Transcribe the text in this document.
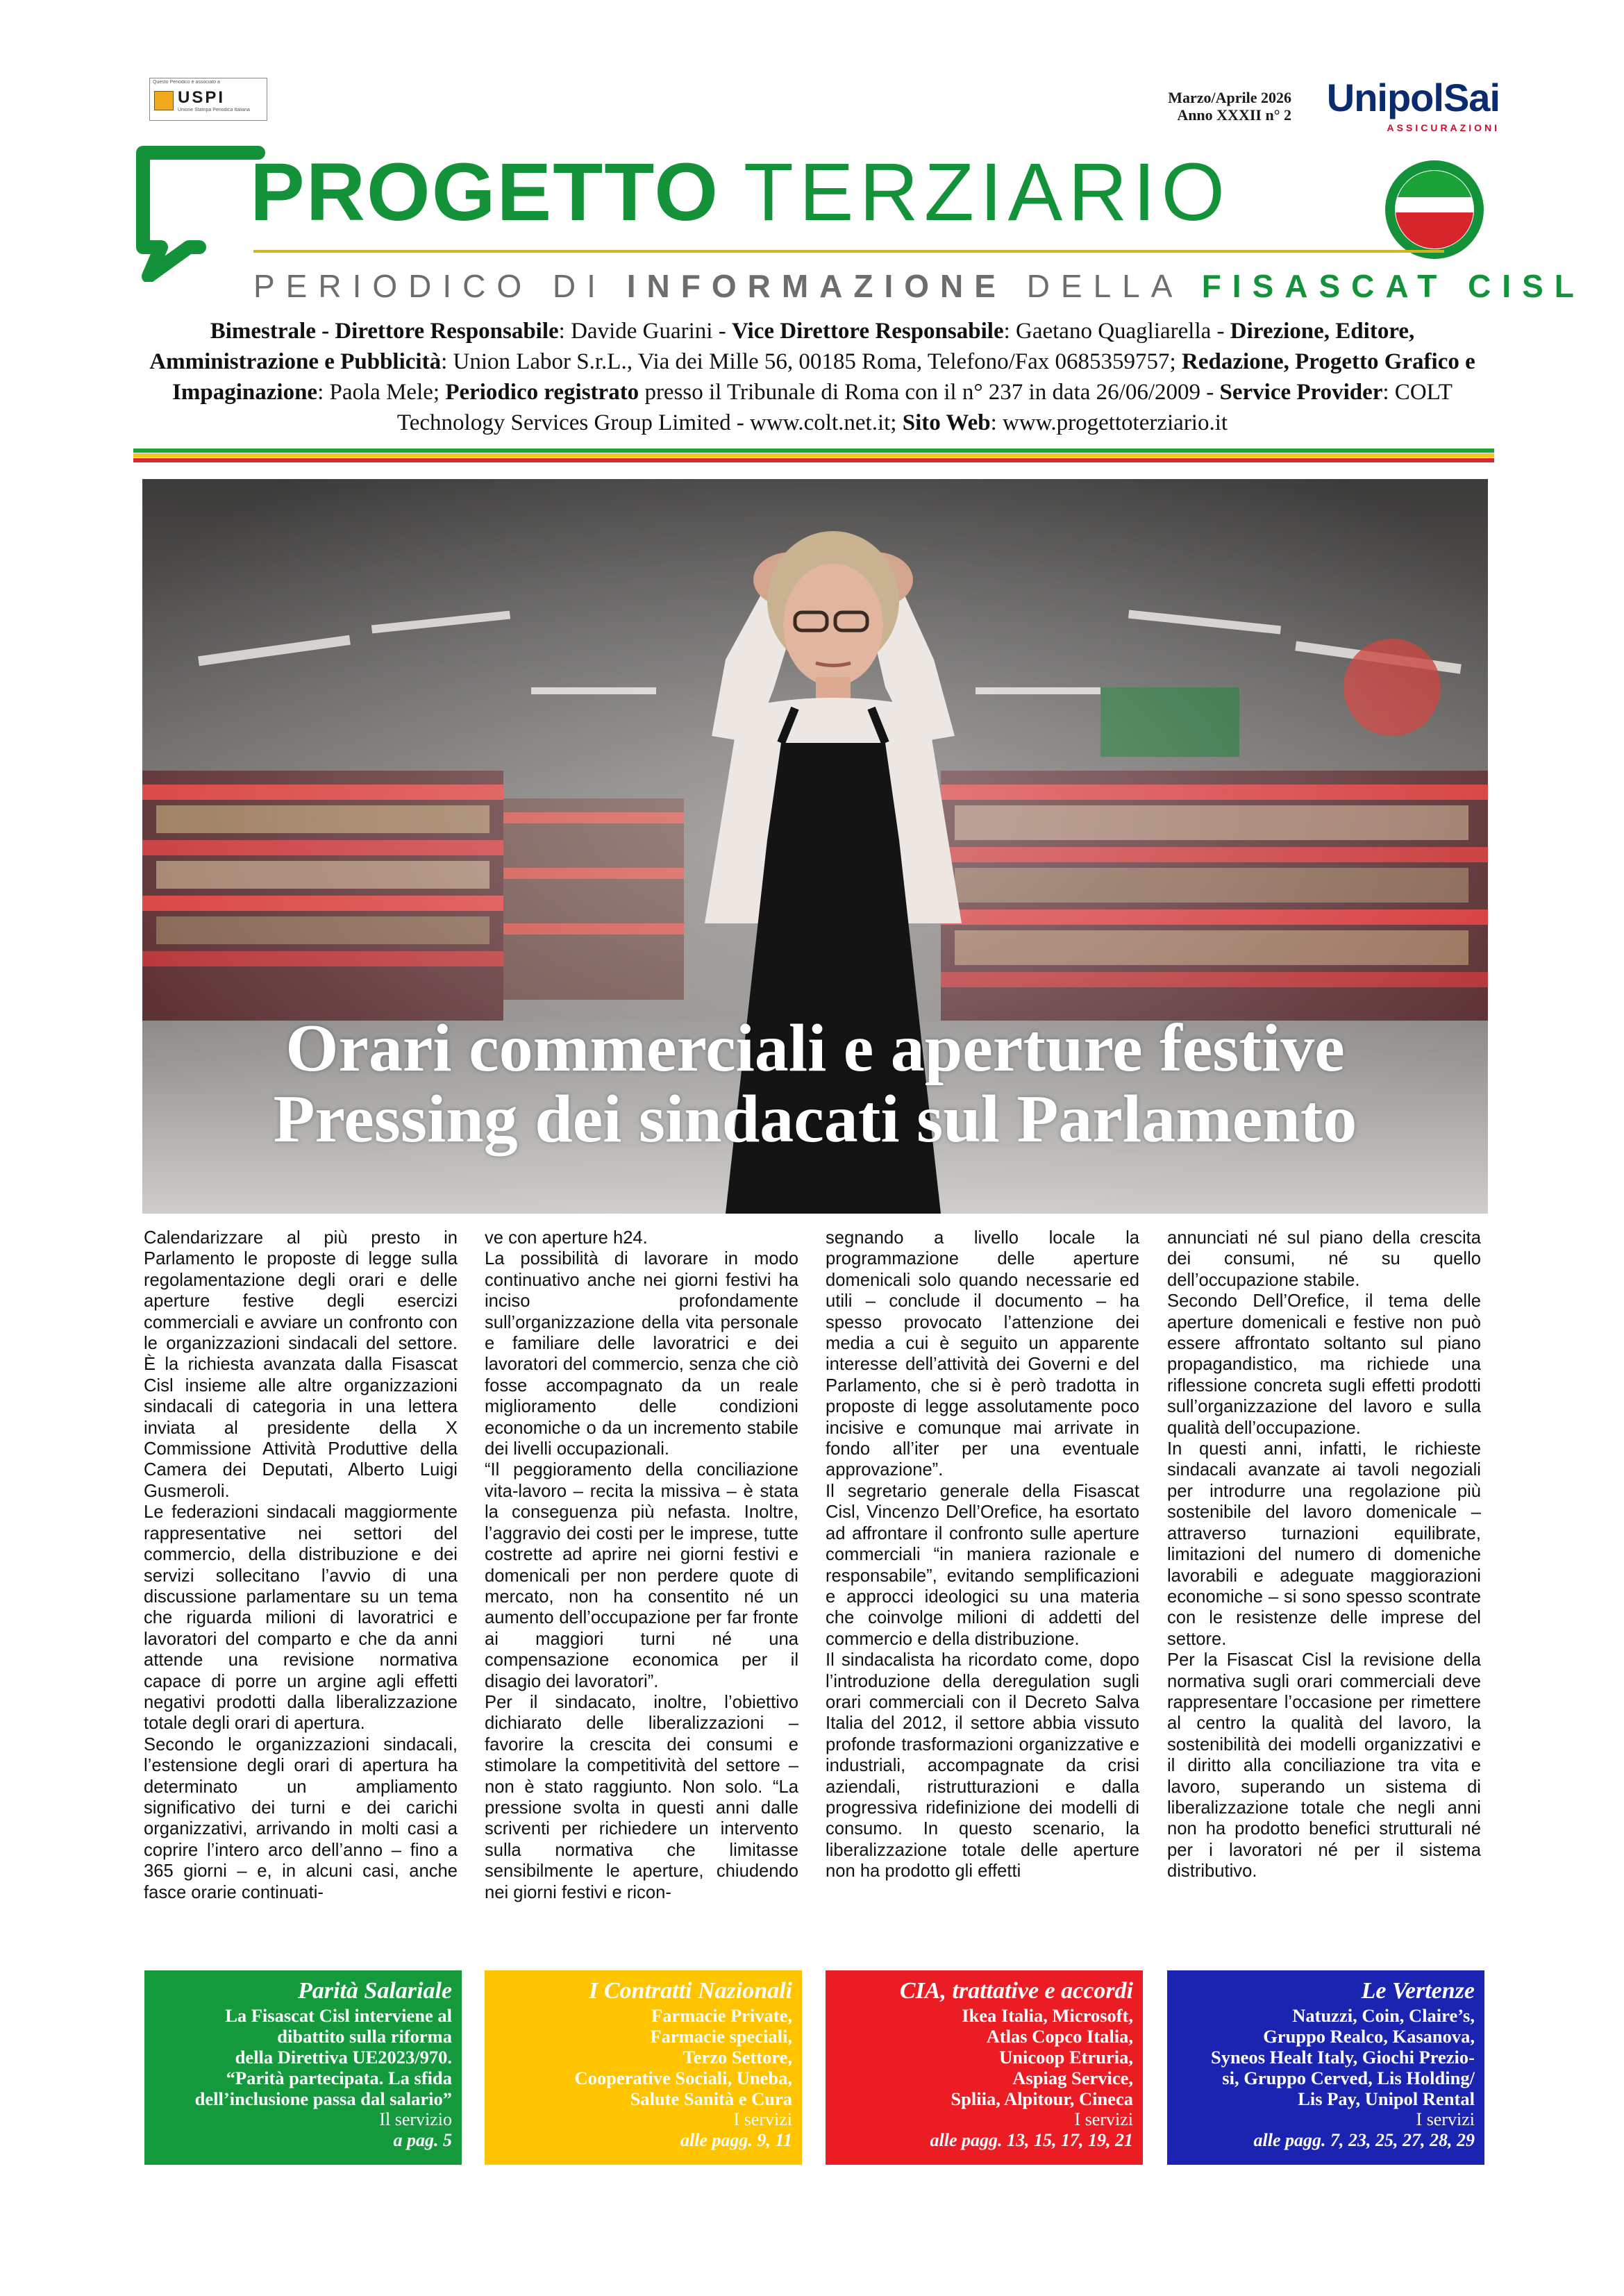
Questo Periodico è associato a
USPI
Unione Stampa Periodica Italiana
Marzo/Aprile 2026
Anno XXXII n° 2 UnipolSai
ASSICURAZIONI
PROGETTO TERZIARIO
PERIODICO DI INFORMAZIONE DELLA FISASCAT CISL
Bimestrale - Direttore Responsabile: Davide Guarini - Vice Direttore Responsabile: Gaetano Quagliarella - Direzione, Editore, Amministrazione e Pubblicità: Union Labor S.r.L., Via dei Mille 56, 00185 Roma, Telefono/Fax 0685359757; Redazione, Progetto Grafico e Impaginazione: Paola Mele; Periodico registrato presso il Tribunale di Roma con il n° 237 in data 26/06/2009 - Service Provider: COLT Technology Services Group Limited - www.colt.net.it; Sito Web: www.progettoterziario.it
Orari commerciali e aperture festive
Pressing dei sindacati sul Parlamento

Calendarizzare al più presto in Parlamento le proposte di legge sulla regolamentazione degli orari e delle aperture festive degli esercizi commerciali e avviare un confronto con le organizzazioni sindacali del settore. È la richiesta avanzata dalla Fisascat Cisl insieme alle altre organizzazioni sindacali di categoria in una lettera inviata al presidente della X Commissione Attività Produttive della Camera dei Deputati, Alberto Luigi Gusmeroli.

Le federazioni sindacali maggiormente rappresentative nei settori del commercio, della distribuzione e dei servizi sollecitano l’avvio di una discussione parlamentare su un tema che riguarda milioni di lavoratrici e lavoratori del comparto e che da anni attende una revisione normativa capace di porre un argine agli effetti negativi prodotti dalla liberalizzazione totale degli orari di apertura.

Secondo le organizzazioni sindacali, l’estensione degli orari di apertura ha determinato un ampliamento significativo dei turni e dei carichi organizzativi, arrivando in molti casi a coprire l’intero arco dell’anno – fino a 365 giorni – e, in alcuni casi, anche fasce orarie continuati-

ve con aperture h24.

La possibilità di lavorare in modo continuativo anche nei giorni festivi ha inciso profondamente sull’organizzazione della vita personale e familiare delle lavoratrici e dei lavoratori del commercio, senza che ciò fosse accompagnato da un reale miglioramento delle condizioni economiche o da un incremento stabile dei livelli occupazionali.

“Il peggioramento della conciliazione vita-lavoro – recita la missiva – è stata la conseguenza più nefasta. Inoltre, l’aggravio dei costi per le imprese, tutte costrette ad aprire nei giorni festivi e domenicali per non perdere quote di mercato, non ha consentito né un aumento dell’occupazione per far fronte ai maggiori turni né una compensazione economica per il disagio dei lavoratori”.

Per il sindacato, inoltre, l’obiettivo dichiarato delle liberalizzazioni – favorire la crescita dei consumi e stimolare la competitività del settore – non è stato raggiunto. Non solo. “La pressione svolta in questi anni dalle scriventi per richiedere un intervento sulla normativa che limitasse sensibilmente le aperture, chiudendo nei giorni festivi e ricon-

segnando a livello locale la programmazione delle aperture domenicali solo quando necessarie ed utili – conclude il documento – ha spesso provocato l’attenzione dei media a cui è seguito un apparente interesse dell’attività dei Governi e del Parlamento, che si è però tradotta in proposte di legge assolutamente poco incisive e comunque mai arrivate in fondo all’iter per una eventuale approvazione”.

Il segretario generale della Fisascat Cisl, Vincenzo Dell’Orefice, ha esortato ad affrontare il confronto sulle aperture commerciali “in maniera razionale e responsabile”, evitando semplificazioni e approcci ideologici su una materia che coinvolge milioni di addetti del commercio e della distribuzione.

Il sindacalista ha ricordato come, dopo l’introduzione della deregulation sugli orari commerciali con il Decreto Salva Italia del 2012, il settore abbia vissuto profonde trasformazioni organizzative e industriali, accompagnate da crisi aziendali, ristrutturazioni e dalla progressiva ridefinizione dei modelli di consumo. In questo scenario, la liberalizzazione totale delle aperture non ha prodotto gli effetti

annunciati né sul piano della crescita dei consumi, né su quello dell’occupazione stabile.

Secondo Dell’Orefice, il tema delle aperture domenicali e festive non può essere affrontato soltanto sul piano propagandistico, ma richiede una riflessione concreta sugli effetti prodotti sull’organizzazione del lavoro e sulla qualità dell’occupazione.

In questi anni, infatti, le richieste sindacali avanzate ai tavoli negoziali per introdurre una regolazione più sostenibile del lavoro domenicale – attraverso turnazioni equilibrate, limitazioni del numero di domeniche lavorabili e adeguate maggiorazioni economiche – si sono spesso scontrate con le resistenze delle imprese del settore.

Per la Fisascat Cisl la revisione della normativa sugli orari commerciali deve rappresentare l’occasione per rimettere al centro la qualità del lavoro, la sostenibilità dei modelli organizzativi e il diritto alla conciliazione tra vita e lavoro, superando un sistema di liberalizzazione totale che negli anni non ha prodotto benefici strutturali né per i lavoratori né per il sistema distributivo.

Parità Salariale
La Fisascat Cisl interviene al
dibattito sulla riforma
della Direttiva UE2023/970.
“Parità partecipata. La sfida
dell’inclusione passa dal salario”
Il servizio
a pag. 5
I Contratti Nazionali
Farmacie Private,
Farmacie speciali,
Terzo Settore,
Cooperative Sociali, Uneba,
Salute Sanità e Cura
I servizi
alle pagg. 9, 11
CIA, trattative e accordi
Ikea Italia, Microsoft,
Atlas Copco Italia,
Unicoop Etruria,
Aspiag Service,
Spliia, Alpitour, Cineca
I servizi
alle pagg. 13, 15, 17, 19, 21
Le Vertenze
Natuzzi, Coin, Claire’s,
Gruppo Realco, Kasanova,
Syneos Healt Italy, Giochi Prezio-
si, Gruppo Cerved, Lis Holding/
Lis Pay, Unipol Rental
I servizi
alle pagg. 7, 23, 25, 27, 28, 29
